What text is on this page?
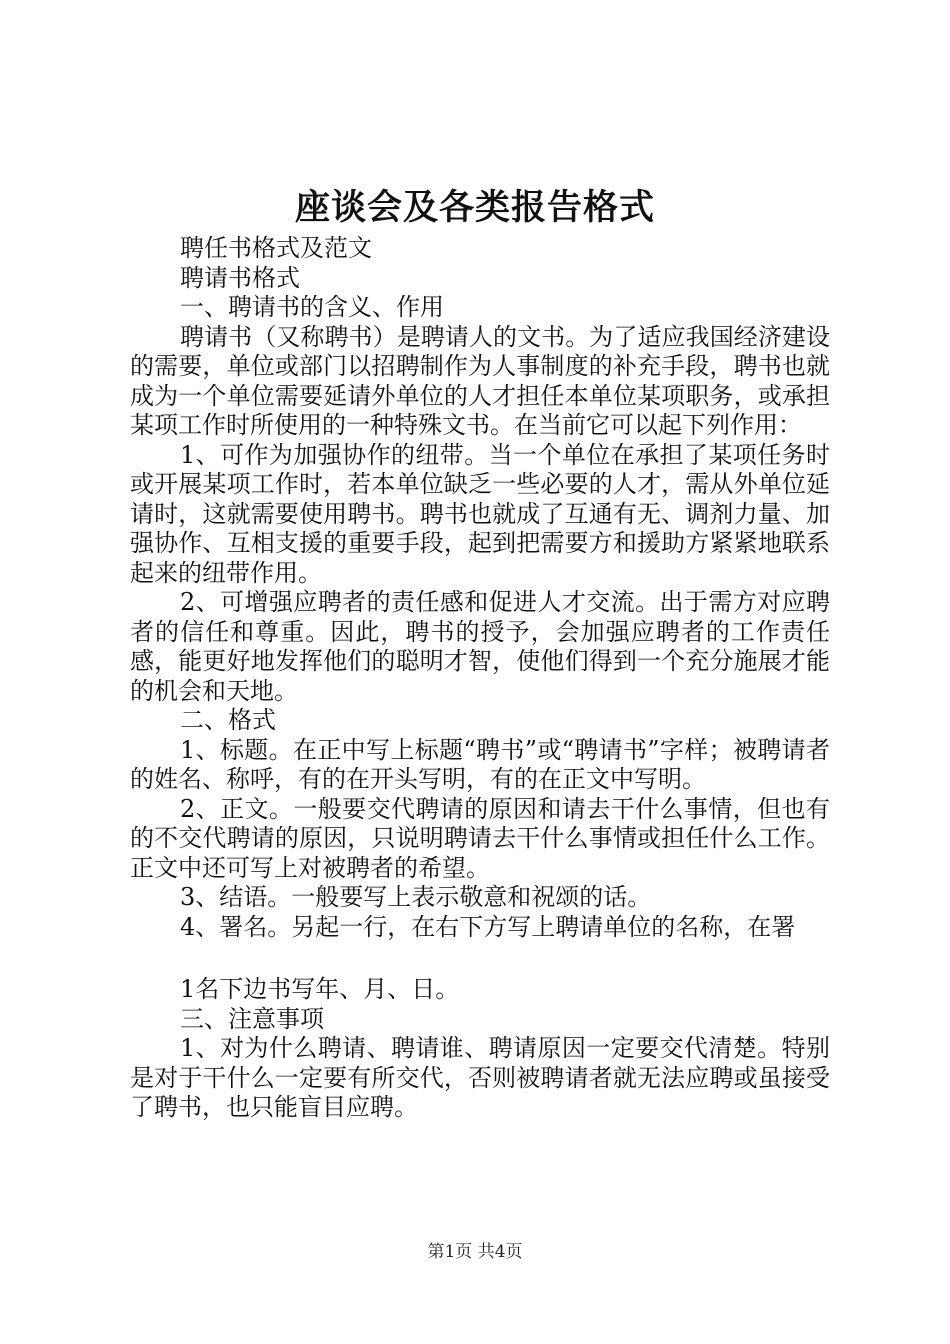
座谈会及各类报告格式

聘任书格式及范文

聘请书格式

一、聘请书的含义、作用

聘请书（又称聘书）是聘请人的文书。为了适应我国经济建设的需要，单位或部门以招聘制作为人事制度的补充手段，聘书也就成为一个单位需要延请外单位的人才担任本单位某项职务，或承担某项工作时所使用的一种特殊文书。在当前它可以起下列作用：

1、可作为加强协作的纽带。当一个单位在承担了某项任务时或开展某项工作时，若本单位缺乏一些必要的人才，需从外单位延请时，这就需要使用聘书。聘书也就成了互通有无、调剂力量、加强协作、互相支援的重要手段，起到把需要方和援助方紧紧地联系起来的纽带作用。

2、可增强应聘者的责任感和促进人才交流。出于需方对应聘者的信任和尊重。因此，聘书的授予，会加强应聘者的工作责任感，能更好地发挥他们的聪明才智，使他们得到一个充分施展才能的机会和天地。

二、格式

1、标题。在正中写上标题“聘书”或“聘请书”字样；被聘请者的姓名、称呼，有的在开头写明，有的在正文中写明。

2、正文。一般要交代聘请的原因和请去干什么事情，但也有的不交代聘请的原因，只说明聘请去干什么事情或担任什么工作。正文中还可写上对被聘者的希望。

3、结语。一般要写上表示敬意和祝颂的话。

4、署名。另起一行，在右下方写上聘请单位的名称，在署

1名下边书写年、月、日。

三、注意事项

1、对为什么聘请、聘请谁、聘请原因一定要交代清楚。特别是对于干什么一定要有所交代，否则被聘请者就无法应聘或虽接受了聘书，也只能盲目应聘。

第1页 共4页
